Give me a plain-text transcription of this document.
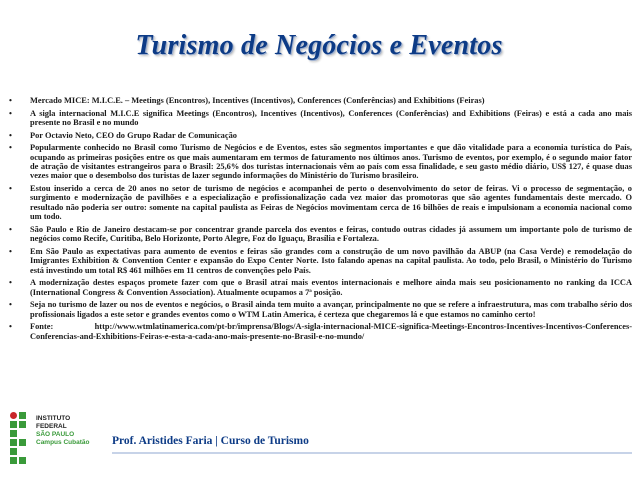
Turismo de Negócios e Eventos
• Mercado MICE: M.I.C.E. – Meetings (Encontros), Incentives (Incentivos), Conferences (Conferências) and Exhibitions (Feiras)
• A sigla internacional M.I.C.E significa Meetings (Encontros), Incentives (Incentivos), Conferences (Conferências) and Exhibitions (Feiras) e está a cada ano mais presente no Brasil e no mundo
• Por Octavio Neto, CEO do Grupo Radar de Comunicação
• Popularmente conhecido no Brasil como Turismo de Negócios e de Eventos, estes são segmentos importantes e que dão vitalidade para a economia turística do País, ocupando as primeiras posições entre os que mais aumentaram em termos de faturamento nos últimos anos. Turismo de eventos, por exemplo, é o segundo maior fator de atração de visitantes estrangeiros para o Brasil: 25,6% dos turistas internacionais vêm ao país com essa finalidade, e seu gasto médio diário, US$ 127, é quase duas vezes maior que o desembolso dos turistas de lazer segundo informações do Ministério do Turismo brasileiro.
• Estou inserido a cerca de 20 anos no setor de turismo de negócios e acompanhei de perto o desenvolvimento do setor de feiras. Vi o processo de segmentação, o surgimento e modernização de pavilhões e a especialização e profissionalização cada vez maior das promotoras que são agentes fundamentais deste mercado. O resultado não poderia ser outro: somente na capital paulista as Feiras de Negócios movimentam cerca de 16 bilhões de reais e impulsionam a economia nacional como um todo.
• São Paulo e Rio de Janeiro destacam-se por concentrar grande parcela dos eventos e feiras, contudo outras cidades já assumem um importante polo de turismo de negócios como Recife, Curitiba, Belo Horizonte, Porto Alegre, Foz do Iguaçu, Brasília e Fortaleza.
• Em São Paulo as expectativas para aumento de eventos e feiras são grandes com a construção de um novo pavilhão da ABUP (na Casa Verde) e remodelação do Imigrantes Exhibition & Convention Center e expansão do Expo Center Norte. Isto falando apenas na capital paulista. Ao todo, pelo Brasil, o Ministério do Turismo está investindo um total R$ 461 milhões em 11 centros de convenções pelo País.
• A modernização destes espaços promete fazer com que o Brasil atraí mais eventos internacionais e melhore ainda mais seu posicionamento no ranking da ICCA (International Congress & Convention Association). Atualmente ocupamos a 7ª posição.
• Seja no turismo de lazer ou nos de eventos e negócios, o Brasil ainda tem muito a avançar, principalmente no que se refere a infraestrutura, mas com trabalho sério dos profissionais ligados a este setor e grandes eventos como o WTM Latin America, é certeza que chegaremos lá e que estamos no caminho certo!
• Fonte: http://www.wtmlatinamerica.com/pt-br/imprensa/Blogs/A-sigla-internacional-MICE-significa-Meetings-Encontros-Incentives-Incentivos-Conferences-Conferencias-and-Exhibitions-Feiras-e-esta-a-cada-ano-mais-presente-no-Brasil-e-no-mundo/
INSTITUTO FEDERAL
SÃO PAULO
Campus Cubatão	Prof. Aristides Faria | Curso de Turismo
